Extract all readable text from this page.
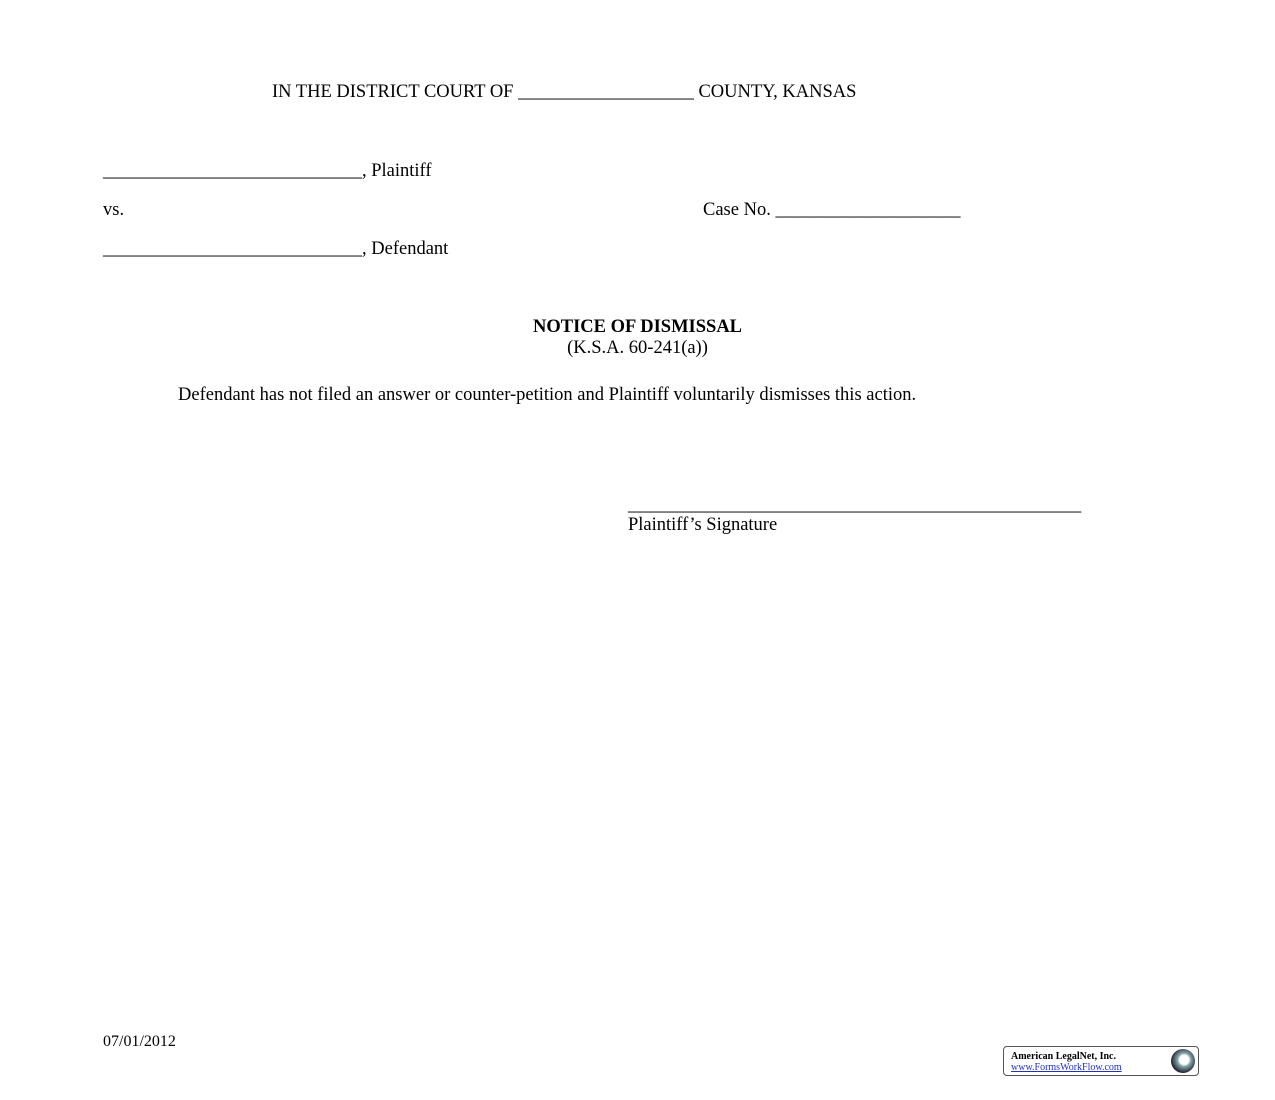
IN THE DISTRICT COURT OF ___________________ COUNTY, KANSAS
____________________________, Plaintiff
vs.	Case No. ____________________
____________________________, Defendant
NOTICE OF DISMISSAL
(K.S.A. 60-241(a))
Defendant has not filed an answer or counter-petition and Plaintiff voluntarily dismisses this action.
_________________________________________________
Plaintiff’s Signature
07/01/2012
American LegalNet, Inc.
www.FormsWorkFlow.com
